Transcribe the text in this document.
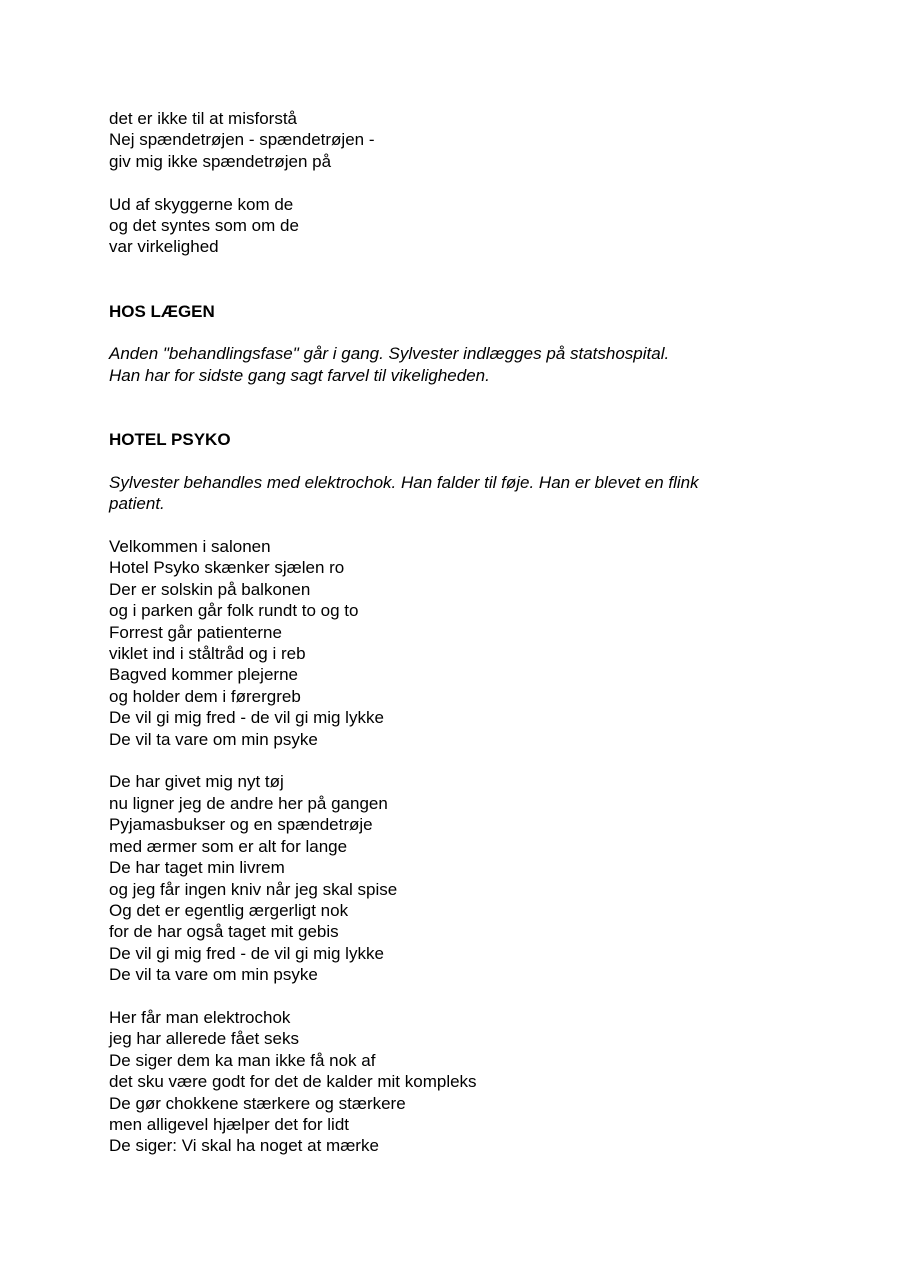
det er ikke til at misforstå
Nej spændetrøjen - spændetrøjen -
giv mig ikke spændetrøjen på
Ud af skyggerne kom de
og det syntes som om de
var virkelighed
HOS LÆGEN
Anden "behandlingsfase" går i gang. Sylvester indlægges på statshospital.
Han har for sidste gang sagt farvel til vikeligheden.
HOTEL PSYKO
Sylvester behandles med elektrochok. Han falder til føje. Han er blevet en flink
patient.
Velkommen i salonen
Hotel Psyko skænker sjælen ro
Der er solskin på balkonen
og i parken går folk rundt to og to
Forrest går patienterne
viklet ind i ståltråd og i reb
Bagved kommer plejerne
og holder dem i førergreb
De vil gi mig fred - de vil gi mig lykke
De vil ta vare om min psyke
De har givet mig nyt tøj
nu ligner jeg de andre her på gangen
Pyjamasbukser og en spændetrøje
med ærmer som er alt for lange
De har taget min livrem
og jeg får ingen kniv når jeg skal spise
Og det er egentlig ærgerligt nok
for de har også taget mit gebis
De vil gi mig fred - de vil gi mig lykke
De vil ta vare om min psyke
Her får man elektrochok
jeg har allerede fået seks
De siger dem ka man ikke få nok af
det sku være godt for det de kalder mit kompleks
De gør chokkene stærkere og stærkere
men alligevel hjælper det for lidt
De siger: Vi skal ha noget at mærke
